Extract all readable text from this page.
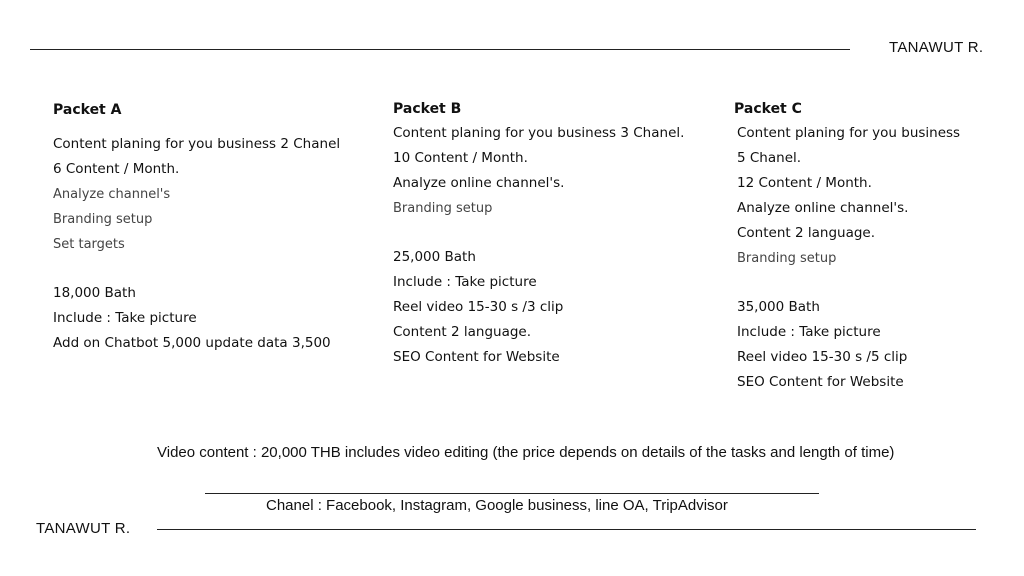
TANAWUT R.
Packet A
Content planing for you business 2 Chanel
6 Content / Month.
Analyze channel's
Branding setup
Set targets
18,000 Bath
Include : Take picture
Add on Chatbot 5,000 update data 3,500
Packet B
Content planing for you business 3 Chanel.
10 Content / Month.
Analyze online channel's.
Branding setup
25,000 Bath
Include : Take picture
Reel video 15-30 s /3 clip
Content 2 language.
SEO Content for Website
Packet C
Content planing for you business
5 Chanel.
12 Content / Month.
Analyze online channel's.
Content 2 language.
Branding setup
35,000 Bath
Include : Take picture
Reel video 15-30 s /5 clip
SEO Content for Website
Video content : 20,000 THB includes video editing (the price depends on details of the tasks and length of time)
Chanel : Facebook, Instagram, Google business, line OA, TripAdvisor
TANAWUT R.
